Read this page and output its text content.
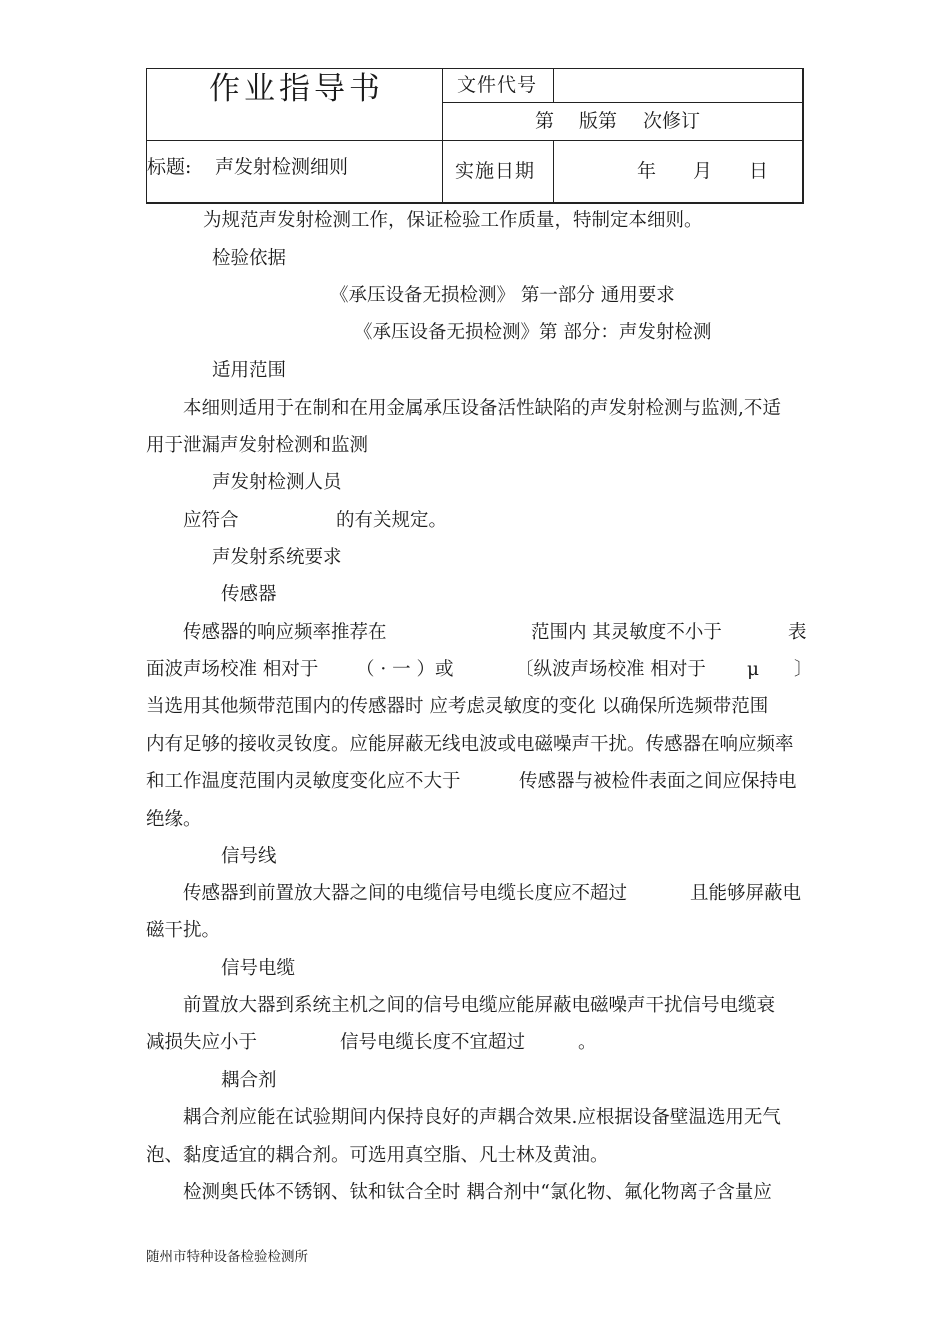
作业指导书	文件代号
第 版第 次修订
标题: 声发射检测细则	实施日期	年 月 日
为规范声发射检测工作，保证检验工作质量，特制定本细则。
检验依据
《承压设备无损检测》 第一部分 通用要求
《承压设备无损检测》第 部分：声发射检测
适用范围
本细则适用于在制和在用金属承压设备活性缺陷的声发射检测与监测,不适
用于泄漏声发射检测和监测
声发射检测人员
应符合	的有关规定。
声发射系统要求
传感器
传感器的响应频率推荐在	范围内 其灵敏度不小于	表
面波声场校准 相对于 （ · 一 ）或	〔纵波声场校准 相对于 μ 〕
当选用其他频带范围内的传感器时 应考虑灵敏度的变化 以确保所选频带范围
内有足够的接收灵钕度。应能屏蔽无线电波或电磁噪声干扰。传感器在响应频率
和工作温度范围内灵敏度变化应不大于	传感器与被检件表面之间应保持电
绝缘。
信号线
传感器到前置放大器之间的电缆信号电缆长度应不超过	且能够屏蔽电
磁干扰。
信号电缆
前置放大器到系统主机之间的信号电缆应能屏蔽电磁噪声干扰信号电缆衰
减损失应小于	信号电缆长度不宜超过	。
耦合剂
耦合剂应能在试验期间内保持良好的声耦合效果.应根据设备壁温选用无气
泡、黏度适宜的耦合剂。可选用真空脂、凡士林及黄油。
检测奥氏体不锈钢、钛和钛合全时 耦合剂中“氯化物、氟化物离子含量应
随州市特种设备检验检测所
